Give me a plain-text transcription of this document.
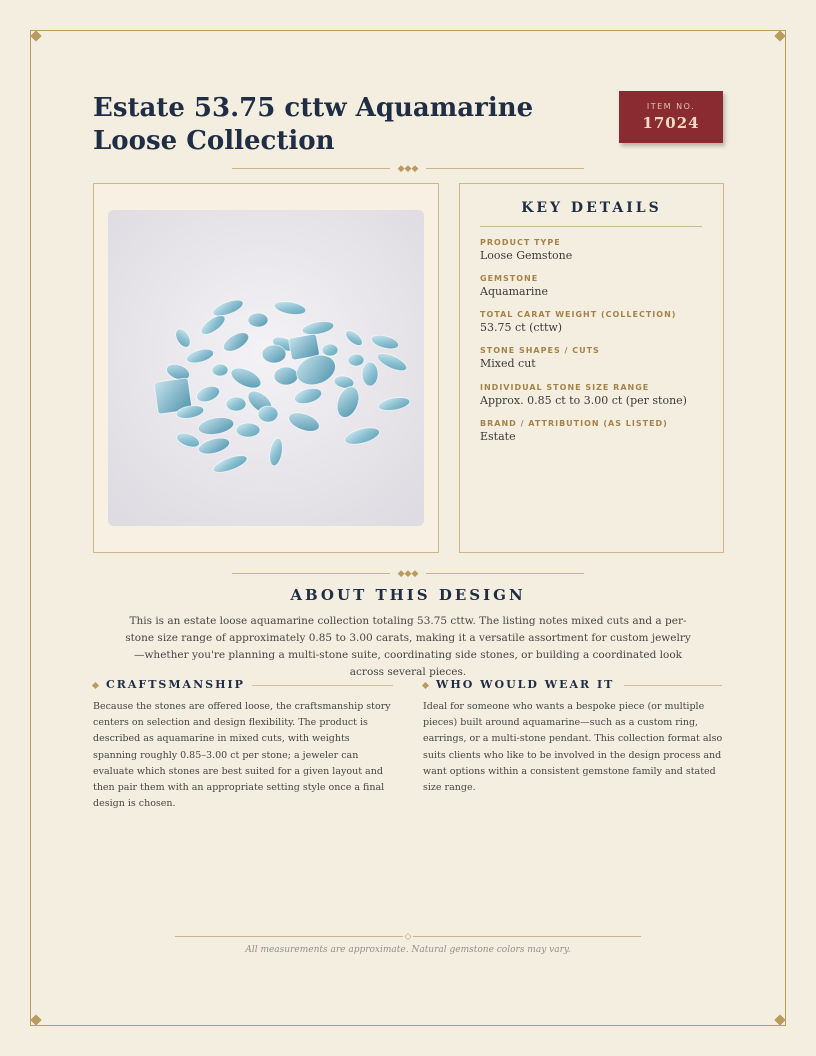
Estate 53.75 cttw Aquamarine Loose Collection
ITEM NO.
17024
◆◆◆
KEY DETAILS
PRODUCT TYPE
Loose Gemstone
GEMSTONE
Aquamarine
TOTAL CARAT WEIGHT (COLLECTION)
53.75 ct (cttw)
STONE SHAPES / CUTS
Mixed cut
INDIVIDUAL STONE SIZE RANGE
Approx. 0.85 ct to 3.00 ct (per stone)
BRAND / ATTRIBUTION (AS LISTED)
Estate
◆◆◆
ABOUT THIS DESIGN

This is an estate loose aquamarine collection totaling 53.75 cttw. The listing notes mixed cuts and a per-stone size range of approximately 0.85 to 3.00 carats, making it a versatile assortment for custom jewelry—whether you're planning a multi-stone suite, coordinating side stones, or building a coordinated look across several pieces.

CRAFTSMANSHIP

Because the stones are offered loose, the craftsmanship story centers on selection and design flexibility. The product is described as aquamarine in mixed cuts, with weights spanning roughly 0.85–3.00 ct per stone; a jeweler can evaluate which stones are best suited for a given layout and then pair them with an appropriate setting style once a final design is chosen.

WHO WOULD WEAR IT

Ideal for someone who wants a bespoke piece (or multiple pieces) built around aquamarine—such as a custom ring, earrings, or a multi-stone pendant. This collection format also suits clients who like to be involved in the design process and want options within a consistent gemstone family and stated size range.

◇

All measurements are approximate. Natural gemstone colors may vary.
